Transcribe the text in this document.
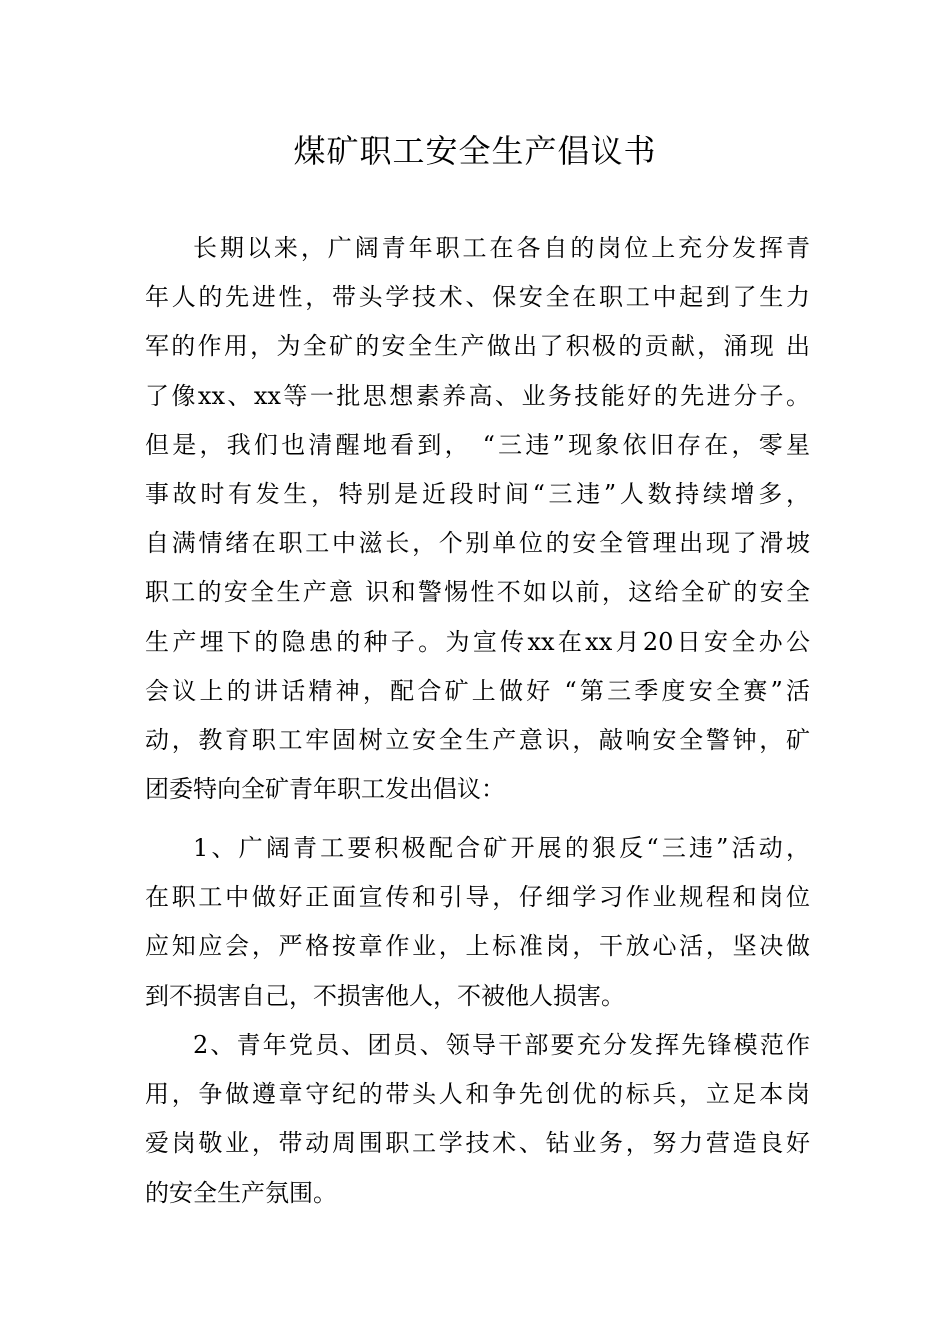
煤矿职工安全生产倡议书
长期以来，广阔青年职工在各自的岗位上充分发挥青
年人的先进性，带头学技术、保安全在职工中起到了生力
军的作用，为全矿的安全生产做出了积极的贡献，涌现 出
了像xx、xx等一批思想素养高、业务技能好的先进分子。
但是，我们也清醒地看到， “三违”现象依旧存在，零星
事故时有发生，特别是近段时间“三违”人数持续增多，
自满情绪在职工中滋长，个别单位的安全管理出现了滑坡
职工的安全生产意 识和警惕性不如以前，这给全矿的安全
生产埋下的隐患的种子。为宣传xx在xx月20日安全办公
会议上的讲话精神，配合矿上做好 “第三季度安全赛”活
动，教育职工牢固树立安全生产意识，敲响安全警钟，矿
团委特向全矿青年职工发出倡议：
1、广阔青工要积极配合矿开展的狠反“三违”活动，
在职工中做好正面宣传和引导，仔细学习作业规程和岗位
应知应会，严格按章作业，上标准岗，干放心活，坚决做
到不损害自己，不损害他人，不被他人损害。
2、青年党员、团员、领导干部要充分发挥先锋模范作
用，争做遵章守纪的带头人和争先创优的标兵，立足本岗
爱岗敬业，带动周围职工学技术、钻业务，努力营造良好
的安全生产氛围。
